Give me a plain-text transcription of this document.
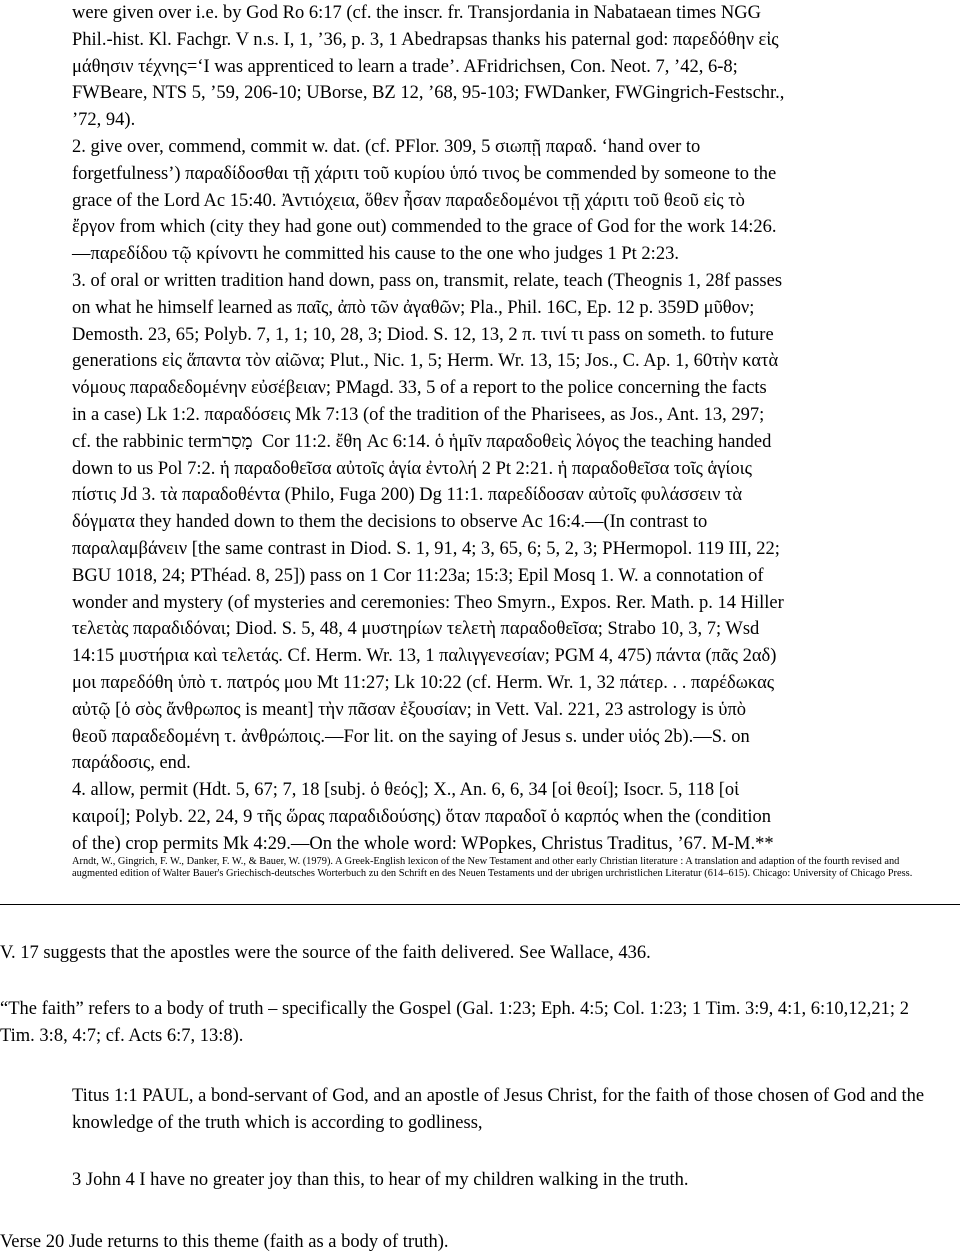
were given over i.e. by God Ro 6:17 (cf. the inscr. fr. Transjordania in Nabataean times NGG

Phil.-hist. Kl. Fachgr. V n.s. I, 1, ’36, p. 3, 1 Abedrapsas thanks his paternal god: παρεδόθην εἰς

μάθησιν τέχνης=‘I was apprenticed to learn a trade’. AFridrichsen, Con. Neot. 7, ’42, 6-8;

FWBeare, NTS 5, ’59, 206-10; UBorse, BZ 12, ’68, 95-103; FWDanker, FWGingrich-Festschr.,

’72, 94).

2. give over, commend, commit w. dat. (cf. PFlor. 309, 5 σιωπῇ παραδ. ‘hand over to

forgetfulness’) παραδίδοσθαι τῇ χάριτι τοῦ κυρίου ὑπό τινος be commended by someone to the

grace of the Lord Ac 15:40. Ἀντιόχεια, ὅθεν ἦσαν παραδεδομένοι τῇ χάριτι τοῦ θεοῦ εἰς τὸ

ἔργον from which (city they had gone out) commended to the grace of God for the work 14:26.

—παρεδίδου τῷ κρίνοντι he committed his cause to the one who judges 1 Pt 2:23.

3. of oral or written tradition hand down, pass on, transmit, relate, teach (Theognis 1, 28f passes

on what he himself learned as παῖς, ἀπὸ τῶν ἀγαθῶν; Pla., Phil. 16C, Ep. 12 p. 359D μῦθον;

Demosth. 23, 65; Polyb. 7, 1, 1; 10, 28, 3; Diod. S. 12, 13, 2 π. τινί τι pass on someth. to future

generations εἰς ἅπαντα τὸν αἰῶνα; Plut., Nic. 1, 5; Herm. Wr. 13, 15; Jos., C. Ap. 1, 60τὴν κατὰ

νόμους παραδεδομένην εὐσέβειαν; PMagd. 33, 5 of a report to the police concerning the facts

in a case) Lk 1:2. παραδόσεις Mk 7:13 (of the tradition of the Pharisees, as Jos., Ant. 13, 297;

cf. the rabbinic termמָסַר  Cor 11:2. ἔθη Ac 6:14. ὁ ἡμῖν παραδοθεὶς λόγος the teaching handed

down to us Pol 7:2. ἡ παραδοθεῖσα αὐτοῖς ἁγία ἐντολή 2 Pt 2:21. ἡ παραδοθεῖσα τοῖς ἁγίοις

πίστις Jd 3. τὰ παραδοθέντα (Philo, Fuga 200) Dg 11:1. παρεδίδοσαν αὐτοῖς φυλάσσειν τὰ

δόγματα they handed down to them the decisions to observe Ac 16:4.—(In contrast to

παραλαμβάνειν [the same contrast in Diod. S. 1, 91, 4; 3, 65, 6; 5, 2, 3; PHermopol. 119 III, 22;

BGU 1018, 24; PThéad. 8, 25]) pass on 1 Cor 11:23a; 15:3; Epil Mosq 1. W. a connotation of

wonder and mystery (of mysteries and ceremonies: Theo Smyrn., Expos. Rer. Math. p. 14 Hiller

τελετὰς παραδιδόναι; Diod. S. 5, 48, 4 μυστηρίων τελετὴ παραδοθεῖσα; Strabo 10, 3, 7; Wsd

14:15 μυστήρια καὶ τελετάς. Cf. Herm. Wr. 13, 1 παλιγγενεσίαν; PGM 4, 475) πάντα (πᾶς 2αδ)

μοι παρεδόθη ὑπὸ τ. πατρός μου Mt 11:27; Lk 10:22 (cf. Herm. Wr. 1, 32 πάτερ. . . παρέδωκας

αὐτῷ [ὁ σὸς ἄνθρωπος is meant] τὴν πᾶσαν ἐξουσίαν; in Vett. Val. 221, 23 astrology is ὑπὸ

θεοῦ παραδεδομένη τ. ἀνθρώποις.—For lit. on the saying of Jesus s. under υἱός 2b).—S. on

παράδοσις, end.

4. allow, permit (Hdt. 5, 67; 7, 18 [subj. ὁ θεός]; X., An. 6, 6, 34 [οἱ θεοί]; Isocr. 5, 118 [οἱ

καιροί]; Polyb. 22, 24, 9 τῆς ὥρας παραδιδούσης) ὅταν παραδοῖ ὁ καρπός when the (condition

of the) crop permits Mk 4:29.—On the whole word: WPopkes, Christus Traditus, ’67. M-M.**

Arndt, W., Gingrich, F. W., Danker, F. W., & Bauer, W. (1979). A Greek-English lexicon of the New Testament and other early Christian literature : A translation and adaption of the fourth revised and augmented edition of Walter Bauer's Griechisch-deutsches Worterbuch zu den Schrift en des Neuen Testaments und der ubrigen urchristlichen Literatur (614–615). Chicago: University of Chicago Press.

V. 17 suggests that the apostles were the source of the faith delivered. See Wallace, 436.

“The faith” refers to a body of truth – specifically the Gospel (Gal. 1:23; Eph. 4:5; Col. 1:23; 1 Tim. 3:9, 4:1, 6:10,12,21; 2 Tim. 3:8, 4:7; cf. Acts 6:7, 13:8).

Titus 1:1 PAUL, a bond-servant of God, and an apostle of Jesus Christ, for the faith of those chosen of God and the knowledge of the truth which is according to godliness,

3 John 4 I have no greater joy than this, to hear of my children walking in the truth.

Verse 20 Jude returns to this theme (faith as a body of truth).
